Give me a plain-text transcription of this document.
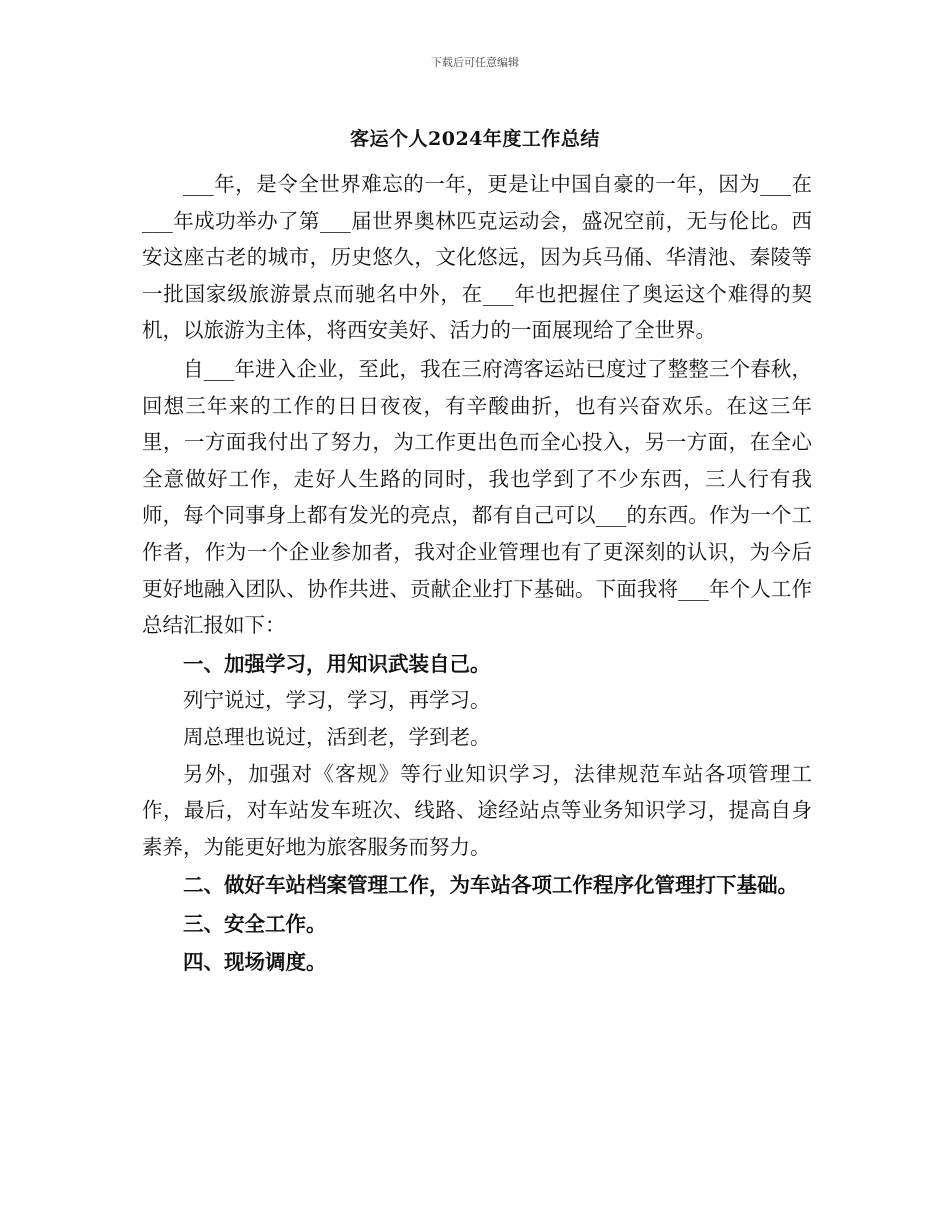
下载后可任意编辑
客运个人2024年度工作总结

___年，是令全世界难忘的一年，更是让中国自豪的一年，因为___在___年成功举办了第___届世界奥林匹克运动会，盛况空前，无与伦比。西安这座古老的城市，历史悠久，文化悠远，因为兵马俑、华清池、秦陵等一批国家级旅游景点而驰名中外，在___年也把握住了奥运这个难得的契机，以旅游为主体，将西安美好、活力的一面展现给了全世界。

自___年进入企业，至此，我在三府湾客运站已度过了整整三个春秋，回想三年来的工作的日日夜夜，有辛酸曲折，也有兴奋欢乐。在这三年里，一方面我付出了努力，为工作更出色而全心投入，另一方面，在全心全意做好工作，走好人生路的同时，我也学到了不少东西，三人行有我师，每个同事身上都有发光的亮点，都有自己可以___的东西。作为一个工作者，作为一个企业参加者，我对企业管理也有了更深刻的认识，为今后更好地融入团队、协作共进、贡献企业打下基础。下面我将___年个人工作总结汇报如下：

一、加强学习，用知识武装自己。

列宁说过，学习，学习，再学习。

周总理也说过，活到老，学到老。

另外，加强对《客规》等行业知识学习，法律规范车站各项管理工作，最后，对车站发车班次、线路、途经站点等业务知识学习，提高自身素养，为能更好地为旅客服务而努力。

二、做好车站档案管理工作，为车站各项工作程序化管理打下基础。

三、安全工作。

四、现场调度。
